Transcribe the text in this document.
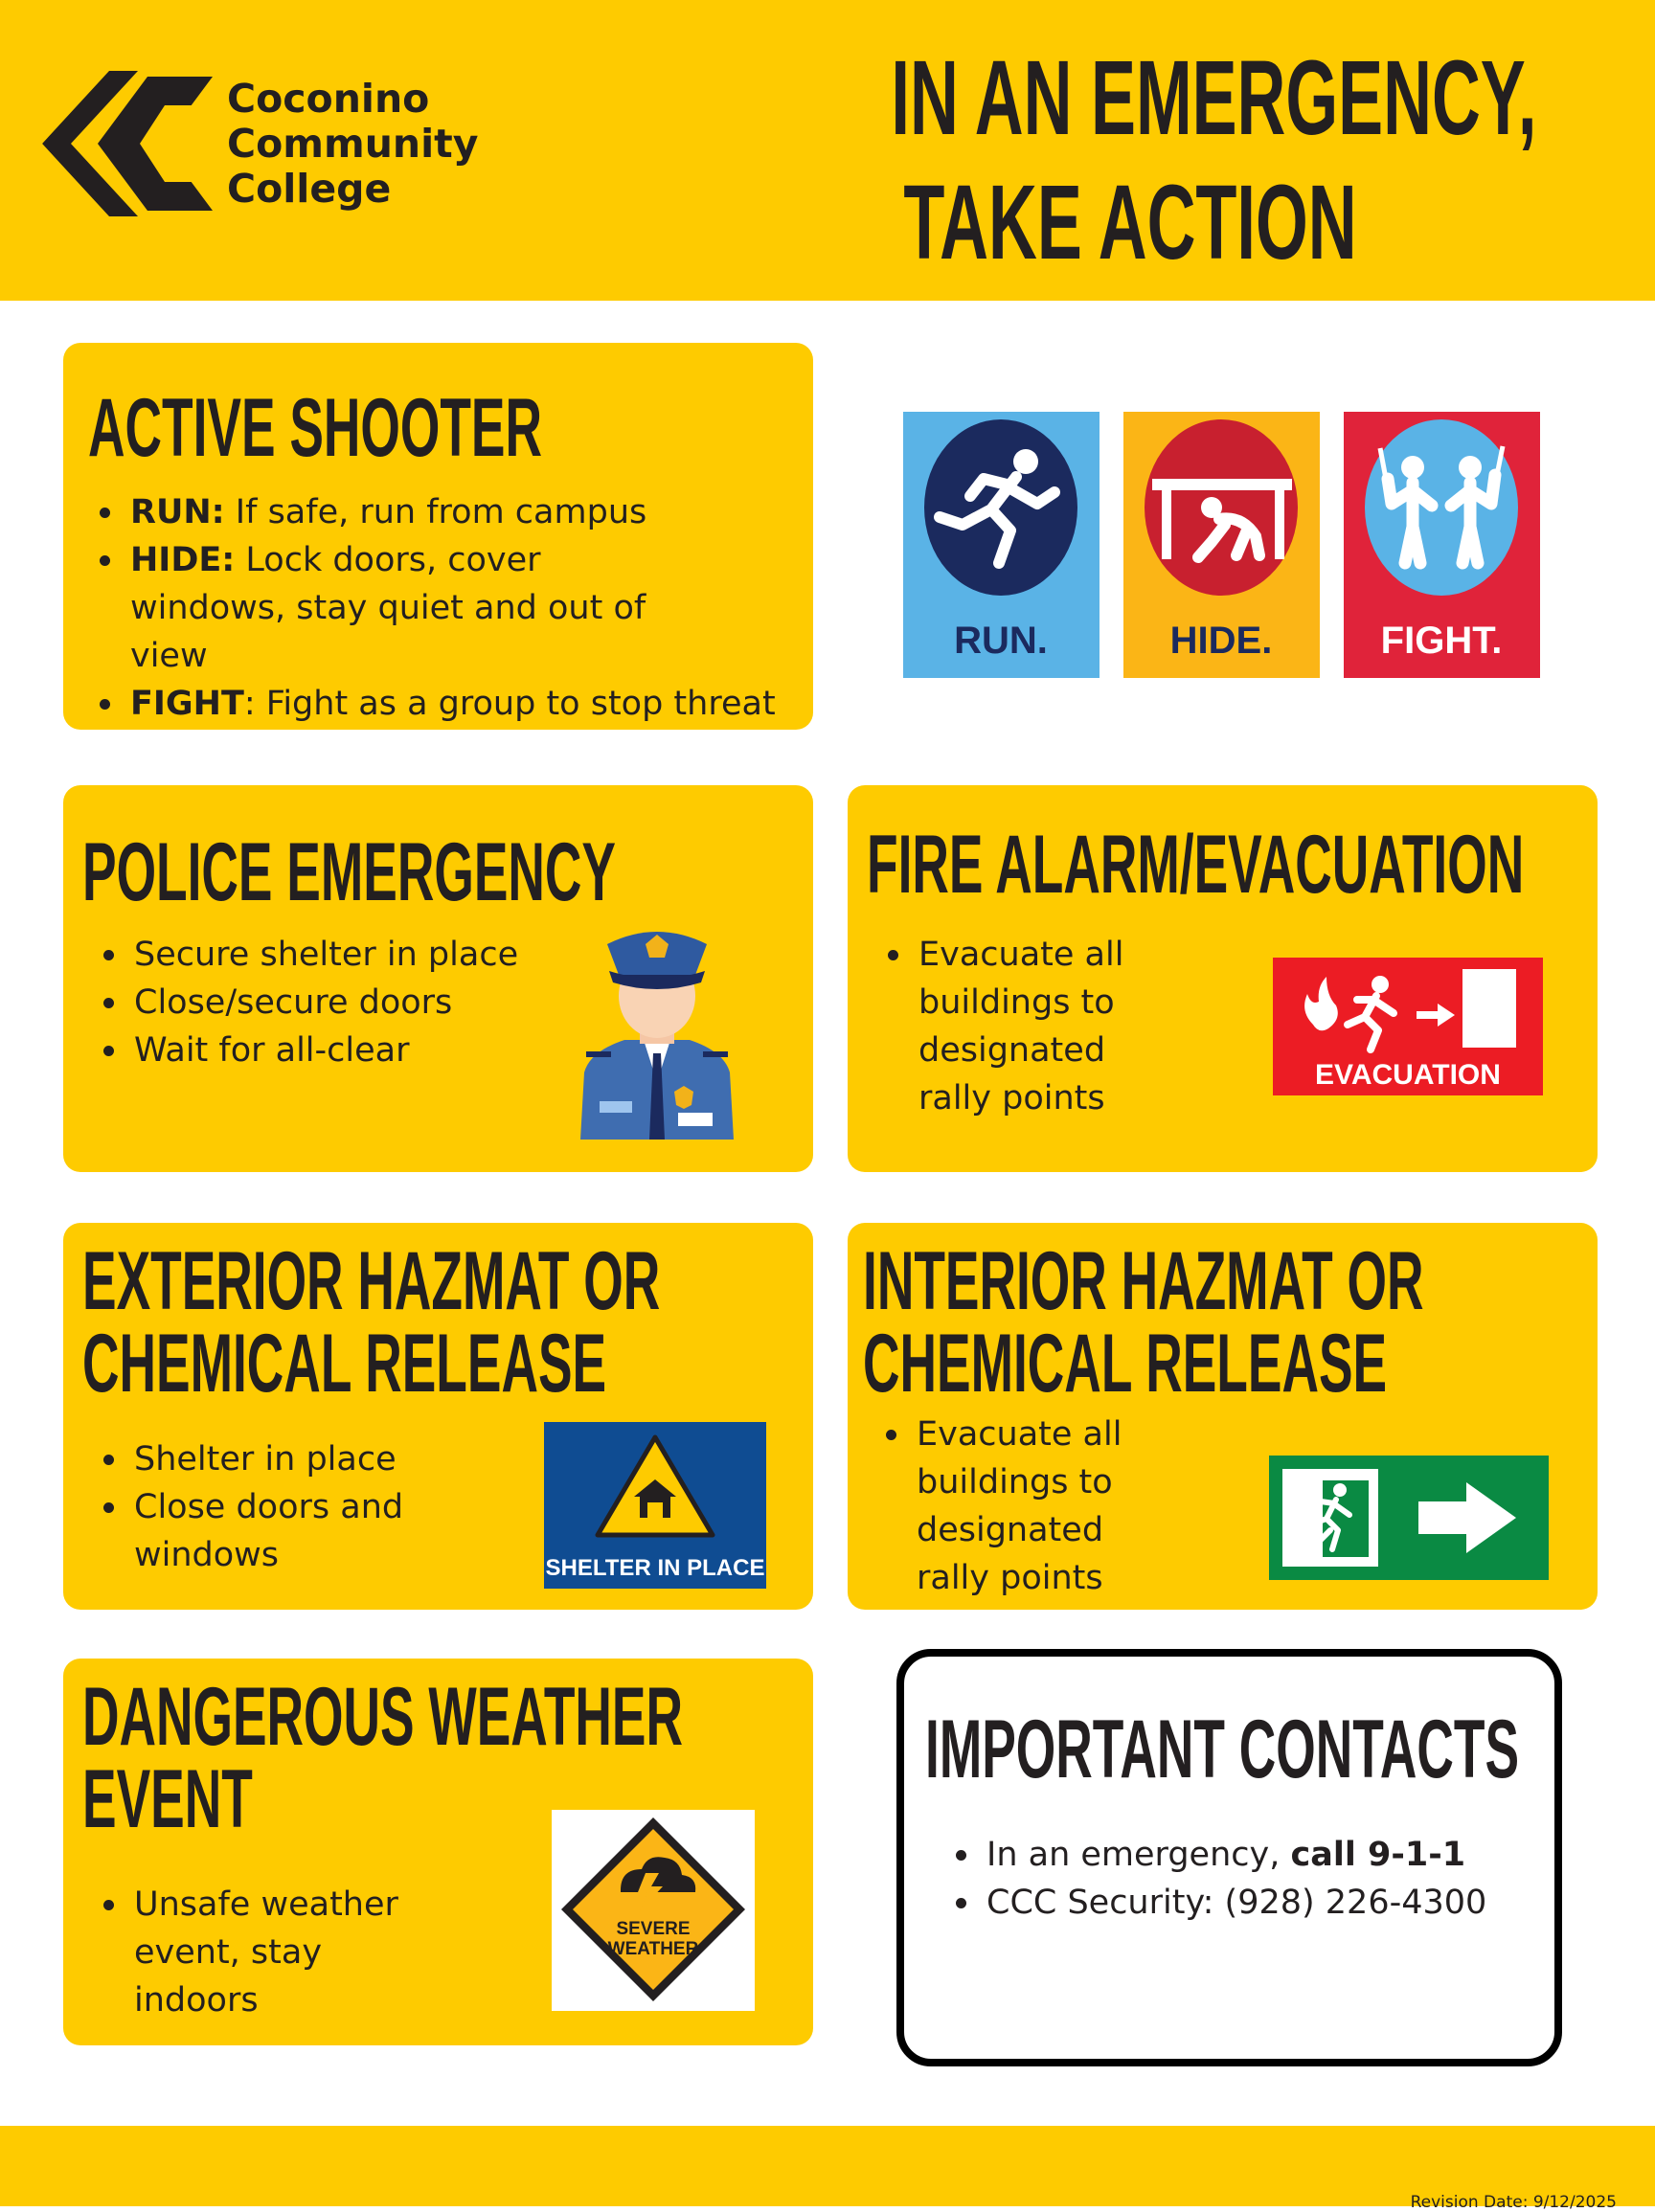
Coconino
Community
College
IN AN EMERGENCY,
TAKE ACTION
ACTIVE SHOOTER
RUN: If safe, run from campus
HIDE: Lock doors, cover windows, stay quiet and out of view
FIGHT: Fight as a group to stop threat
RUN.	HIDE.	FIGHT.
POLICE EMERGENCY
Secure shelter in place
Close/secure doors
Wait for all-clear
FIRE ALARM/EVACUATION
Evacuate all buildings to designated rally points
EVACUATION
EXTERIOR HAZMAT OR
CHEMICAL RELEASE
Shelter in place
Close doors and windows	SHELTER IN PLACE
INTERIOR HAZMAT OR
CHEMICAL RELEASE
Evacuate all buildings to designated rally points
DANGEROUS WEATHER
EVENT
Unsafe weather event, stay indoors
SEVERE
WEATHER
IMPORTANT CONTACTS
In an emergency, call 9-1-1
CCC Security: (928) 226-4300
Revision Date: 9/12/2025
